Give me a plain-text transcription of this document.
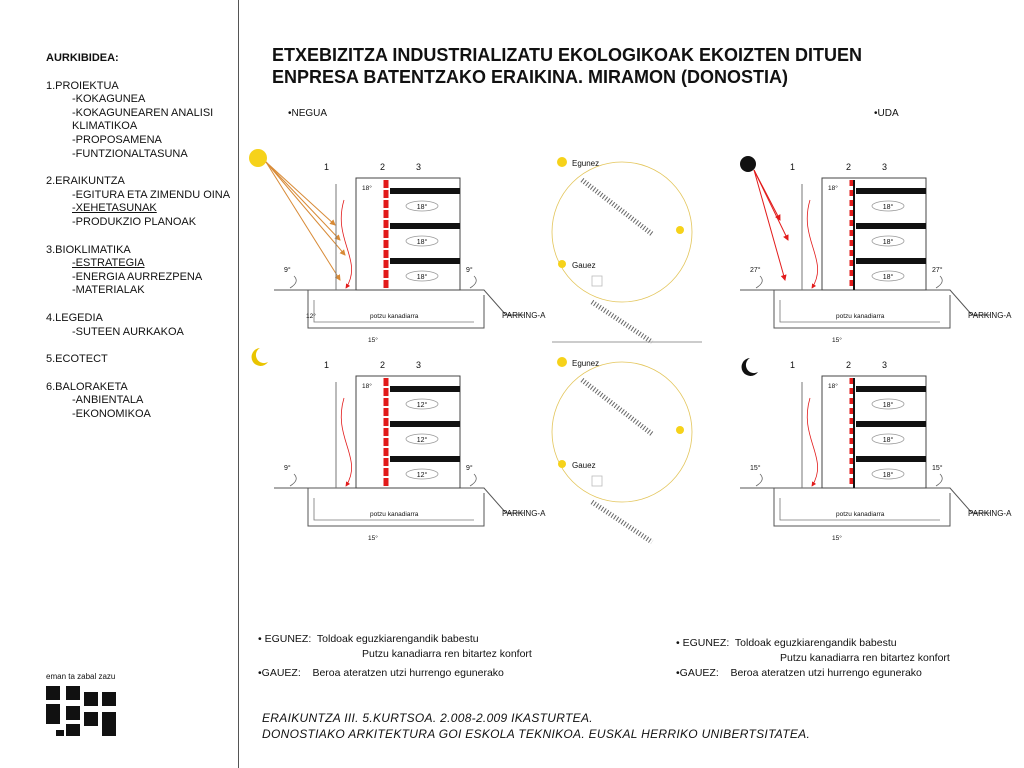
AURKIBIDEA:
1.PROIEKTUA
-KOKAGUNEA
-KOKAGUNEAREN ANALISI
KLIMATIKOA
-PROPOSAMENA
-FUNTZIONALTASUNA
2.ERAIKUNTZA
-EGITURA ETA ZIMENDU OINA
-XEHETASUNAK
-PRODUKZIO PLANOAK
3.BIOKLIMATIKA
-ESTRATEGIA
-ENERGIA AURREZPENA
-MATERIALAK
4.LEGEDIA
-SUTEEN AURKAKOA
5.ECOTECT
6.BALORAKETA
-ANBIENTALA
-EKONOMIKOA
eman ta zabal zazu
ETXEBIZITZA INDUSTRIALIZATU EKOLOGIKOAK EKOIZTEN DITUEN
ENPRESA BATENTZAKO ERAIKINA. MIRAMON (DONOSTIA)
•NEGUA	•UDA
PARKING-A
potzu kanadiarra
1	2	3
18°
18°
18°
18°
9°	9°
12°
15°
PARKING-A
potzu kanadiarra
1	2	3
12°
12°
12°
18°
9°	9°
15°
Egunez
Gauez
Egunez
Gauez
PARKING-A
potzu kanadiarra
1	2	3
18°
18°
18°
18°
27°	27°
15°
PARKING-A
potzu kanadiarra
1	2	3
18°
18°
18°
18°
15°	15°
15°
• EGUNEZ: Toldoak eguzkiarengandik babestu
Putzu kanadiarra ren bitartez konfort
•GAUEZ: Beroa ateratzen utzi hurrengo egunerako
• EGUNEZ: Toldoak eguzkiarengandik babestu
Putzu kanadiarra ren bitartez konfort
•GAUEZ: Beroa ateratzen utzi hurrengo egunerako
ERAIKUNTZA III. 5.KURTSOA. 2.008-2.009 IKASTURTEA.
DONOSTIAKO ARKITEKTURA GOI ESKOLA TEKNIKOA. EUSKAL HERRIKO UNIBERTSITATEA.
